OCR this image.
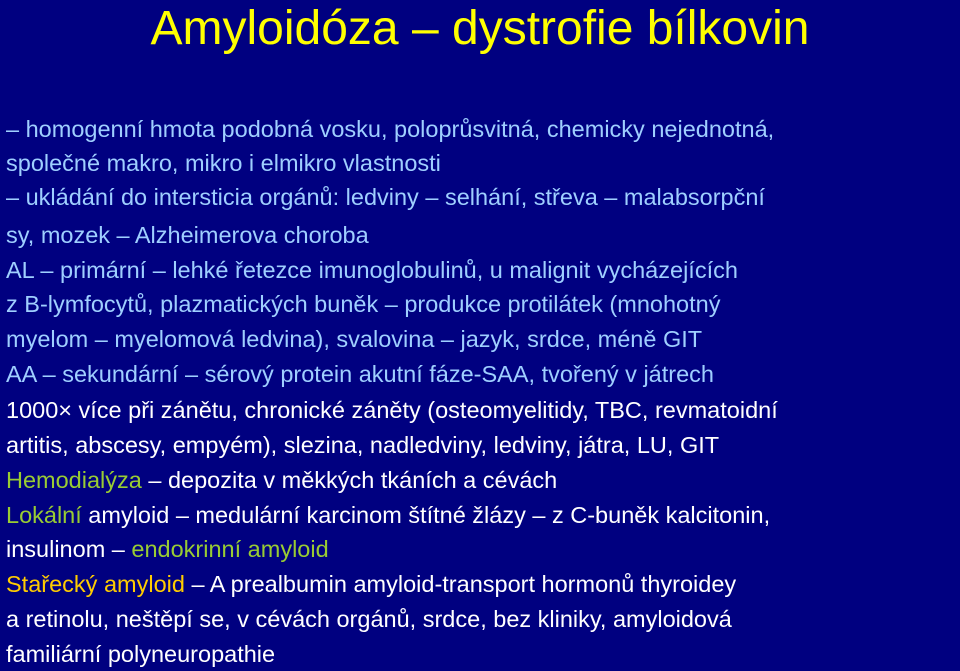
Amyloidóza – dystrofie bílkovin
– homogenní hmota podobná vosku, poloprůsvitná, chemicky nejednotná,
společné makro, mikro i elmikro vlastnosti
– ukládání do intersticia orgánů: ledviny – selhání, střeva – malabsorpční
sy, mozek – Alzheimerova choroba
AL – primární – lehké řetezce imunoglobulinů, u malignit vycházejících
z B-lymfocytů, plazmatických buněk – produkce protilátek (mnohotný
myelom – myelomová ledvina), svalovina – jazyk, srdce, méně GIT
AA – sekundární – sérový protein akutní fáze-SAA, tvořený v játrech
1000× více při zánětu, chronické záněty (osteomyelitidy, TBC, revmatoidní
artitis, abscesy, empyém), slezina, nadledviny, ledviny, játra, LU, GIT
Hemodialýza – depozita v měkkých tkáních a cévách
Lokální amyloid – medulární karcinom štítné žlázy – z C-buněk kalcitonin,
insulinom – endokrinní amyloid
Stařecký amyloid – A prealbumin amyloid-transport hormonů thyroidey
a retinolu, neštěpí se, v cévách orgánů, srdce, bez kliniky, amyloidová
familiární polyneuropathie
